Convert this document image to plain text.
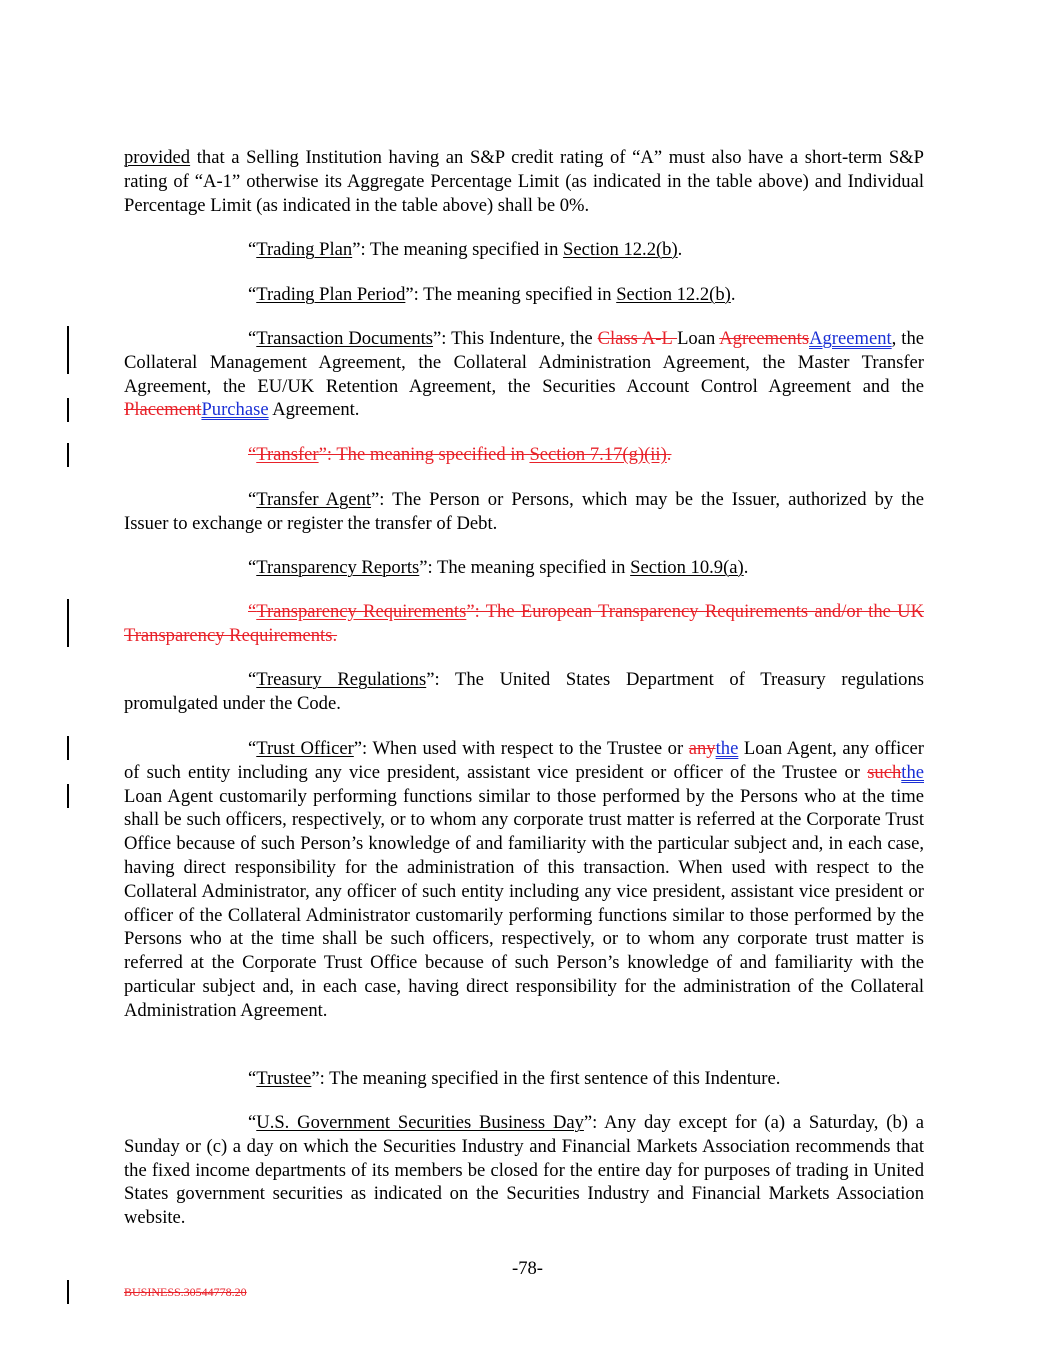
provided that a Selling Institution having an S&P credit rating of “A” must also have a short-term S&P rating of “A-1” otherwise its Aggregate Percentage Limit (as indicated in the table above) and Individual Percentage Limit (as indicated in the table above) shall be 0%.

“Trading Plan”: The meaning specified in Section 12.2(b).

“Trading Plan Period”: The meaning specified in Section 12.2(b).

“Transaction Documents”: This Indenture, the Class A-L Loan AgreementsAgreement, the Collateral Management Agreement, the Collateral Administration Agreement, the Master Transfer Agreement, the EU/UK Retention Agreement, the Securities Account Control Agreement and the PlacementPurchase Agreement.

“Transfer”: The meaning specified in Section 7.17(g)(ii).

“Transfer Agent”: The Person or Persons, which may be the Issuer, authorized by the Issuer to exchange or register the transfer of Debt.

“Transparency Reports”: The meaning specified in Section 10.9(a).

“Transparency Requirements”: The European Transparency Requirements and/or the UK Transparency Requirements.

“Treasury Regulations”: The United States Department of Treasury regulations promulgated under the Code.

“Trust Officer”: When used with respect to the Trustee or anythe Loan Agent, any officer of such entity including any vice president, assistant vice president or officer of the Trustee or suchthe Loan Agent customarily performing functions similar to those performed by the Persons who at the time shall be such officers, respectively, or to whom any corporate trust matter is referred at the Corporate Trust Office because of such Person’s knowledge of and familiarity with the particular subject and, in each case, having direct responsibility for the administration of this transaction. When used with respect to the Collateral Administrator, any officer of such entity including any vice president, assistant vice president or officer of the Collateral Administrator customarily performing functions similar to those performed by the Persons who at the time shall be such officers, respectively, or to whom any corporate trust matter is referred at the Corporate Trust Office because of such Person’s knowledge of and familiarity with the particular subject and, in each case, having direct responsibility for the administration of the Collateral Administration Agreement.

“Trustee”: The meaning specified in the first sentence of this Indenture.

“U.S. Government Securities Business Day”: Any day except for (a) a Saturday, (b) a Sunday or (c) a day on which the Securities Industry and Financial Markets Association recommends that the fixed income departments of its members be closed for the entire day for purposes of trading in United States government securities as indicated on the Securities Industry and Financial Markets Association website.

-78-
BUSINESS.30544778.20
